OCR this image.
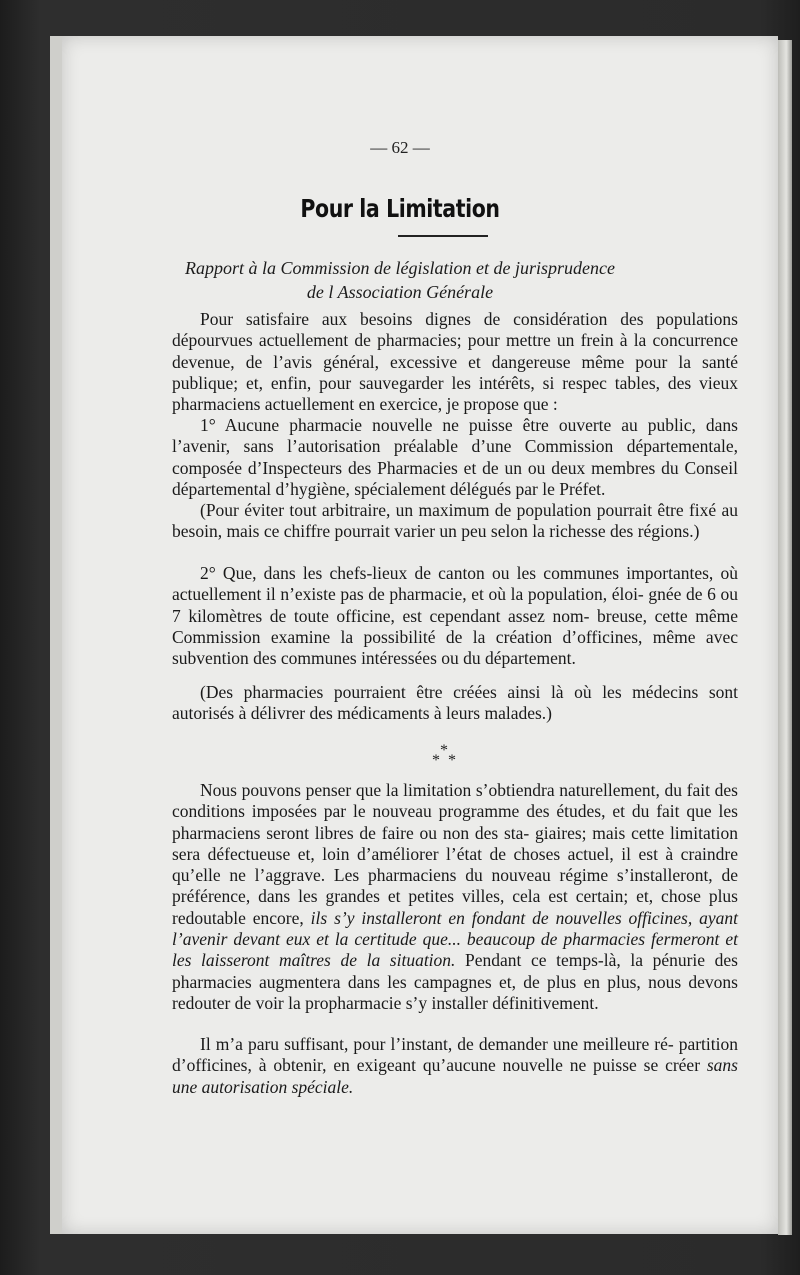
— 62 —
Pour la Limitation
Rapport à la Commission de législation et de jurisprudence
de l Association Générale

Pour satisfaire aux besoins dignes de considération des populations dépourvues actuellement de pharmacies; pour mettre un frein à la concurrence devenue, de l’avis général, excessive et dangereuse même pour la santé publique; et, enfin, pour sauvegarder les intérêts, si respec tables, des vieux pharmaciens actuellement en exercice, je propose que :

1° Aucune pharmacie nouvelle ne puisse être ouverte au public, dans l’avenir, sans l’autorisation préalable d’une Commission départementale, composée d’Inspecteurs des Pharmacies et de un ou deux membres du Conseil départemental d’hygiène, spécialement délégués par le Préfet.

(Pour éviter tout arbitraire, un maximum de population pourrait être fixé au besoin, mais ce chiffre pourrait varier un peu selon la richesse des régions.)

2° Que, dans les chefs-lieux de canton ou les communes importantes, où actuellement il n’existe pas de pharmacie, et où la population, éloi- gnée de 6 ou 7 kilomètres de toute officine, est cependant assez nom- breuse, cette même Commission examine la possibilité de la création d’officines, même avec subvention des communes intéressées ou du département.

(Des pharmacies pourraient être créées ainsi là où les médecins sont autorisés à délivrer des médicaments à leurs malades.)

*
* *

Nous pouvons penser que la limitation s’obtiendra naturellement, du fait des conditions imposées par le nouveau programme des études, et du fait que les pharmaciens seront libres de faire ou non des sta- giaires; mais cette limitation sera défectueuse et, loin d’améliorer l’état de choses actuel, il est à craindre qu’elle ne l’aggrave. Les pharmaciens du nouveau régime s’installeront, de préférence, dans les grandes et petites villes, cela est certain; et, chose plus redoutable encore, ils s’y installeront en fondant de nouvelles officines, ayant l’avenir devant eux et la certitude que... beaucoup de pharmacies fermeront et les laisseront maîtres de la situation. Pendant ce temps-là, la pénurie des pharmacies augmentera dans les campagnes et, de plus en plus, nous devons redouter de voir la propharmacie s’y installer définitivement.

Il m’a paru suffisant, pour l’instant, de demander une meilleure ré- partition d’officines, à obtenir, en exigeant qu’aucune nouvelle ne puisse se créer sans une autorisation spéciale.
